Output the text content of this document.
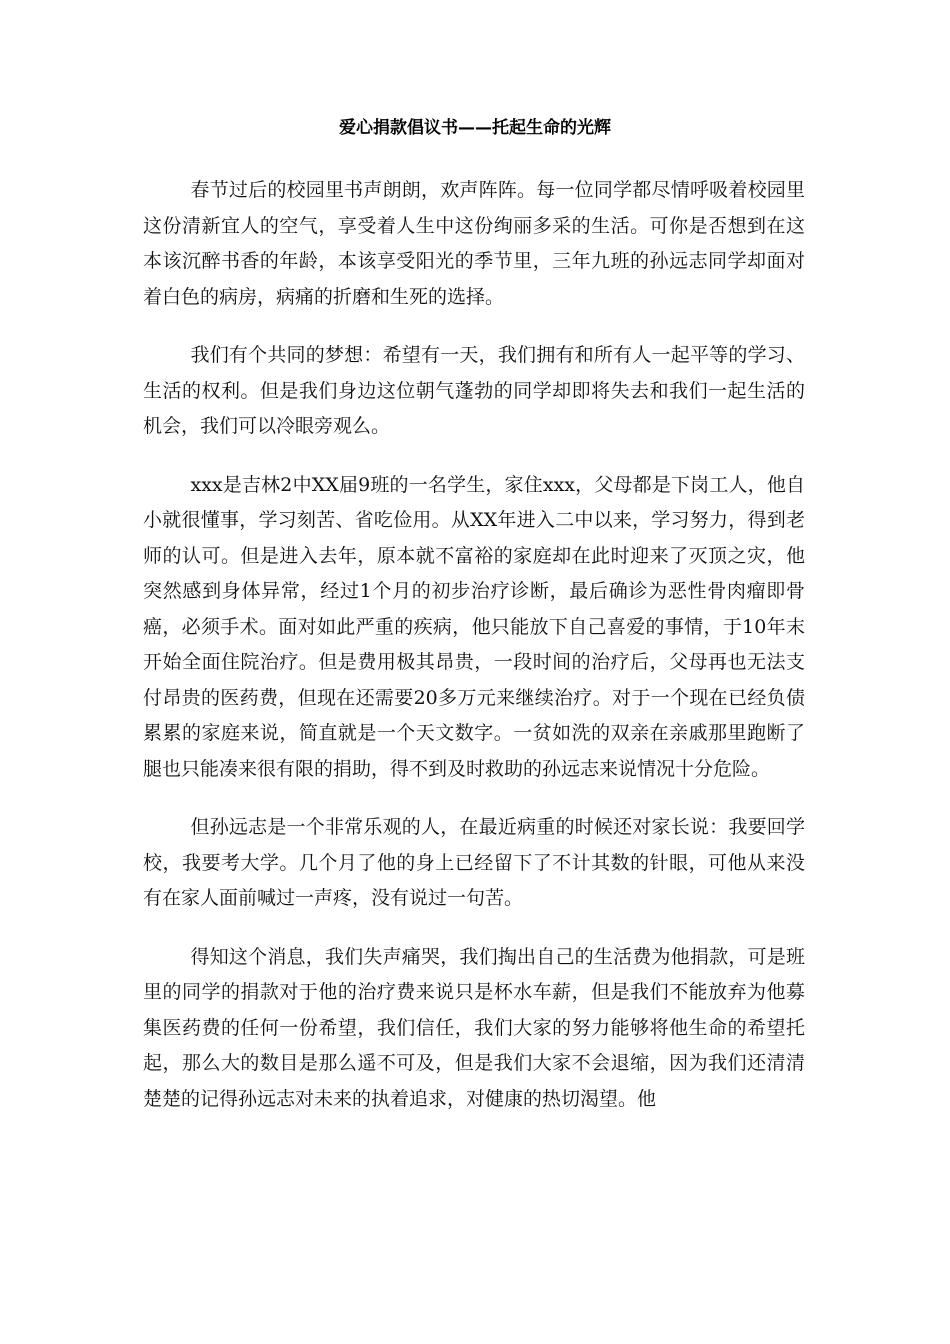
爱心捐款倡议书——托起生命的光辉

春节过后的校园里书声朗朗，欢声阵阵。每一位同学都尽情呼吸着校园里这份清新宜人的空气，享受着人生中这份绚丽多采的生活。可你是否想到在这本该沉醉书香的年龄，本该享受阳光的季节里，三年九班的孙远志同学却面对着白色的病房，病痛的折磨和生死的选择。

我们有个共同的梦想：希望有一天，我们拥有和所有人一起平等的学习、生活的权利。但是我们身边这位朝气蓬勃的同学却即将失去和我们一起生活的机会，我们可以冷眼旁观么。

xxx是吉林2中XX届9班的一名学生，家住xxx，父母都是下岗工人，他自小就很懂事，学习刻苦、省吃俭用。从XX年进入二中以来，学习努力，得到老师的认可。但是进入去年，原本就不富裕的家庭却在此时迎来了灭顶之灾，他突然感到身体异常，经过1个月的初步治疗诊断，最后确诊为恶性骨肉瘤即骨癌，必须手术。面对如此严重的疾病，他只能放下自己喜爱的事情，于10年末开始全面住院治疗。但是费用极其昂贵，一段时间的治疗后，父母再也无法支付昂贵的医药费，但现在还需要20多万元来继续治疗。对于一个现在已经负债累累的家庭来说，简直就是一个天文数字。一贫如洗的双亲在亲戚那里跑断了腿也只能凑来很有限的捐助，得不到及时救助的孙远志来说情况十分危险。

但孙远志是一个非常乐观的人，在最近病重的时候还对家长说：我要回学校，我要考大学。几个月了他的身上已经留下了不计其数的针眼，可他从来没有在家人面前喊过一声疼，没有说过一句苦。

得知这个消息，我们失声痛哭，我们掏出自己的生活费为他捐款，可是班里的同学的捐款对于他的治疗费来说只是杯水车薪，但是我们不能放弃为他募集医药费的任何一份希望，我们信任，我们大家的努力能够将他生命的希望托起，那么大的数目是那么遥不可及，但是我们大家不会退缩，因为我们还清清楚楚的记得孙远志对未来的执着追求，对健康的热切渴望。他
